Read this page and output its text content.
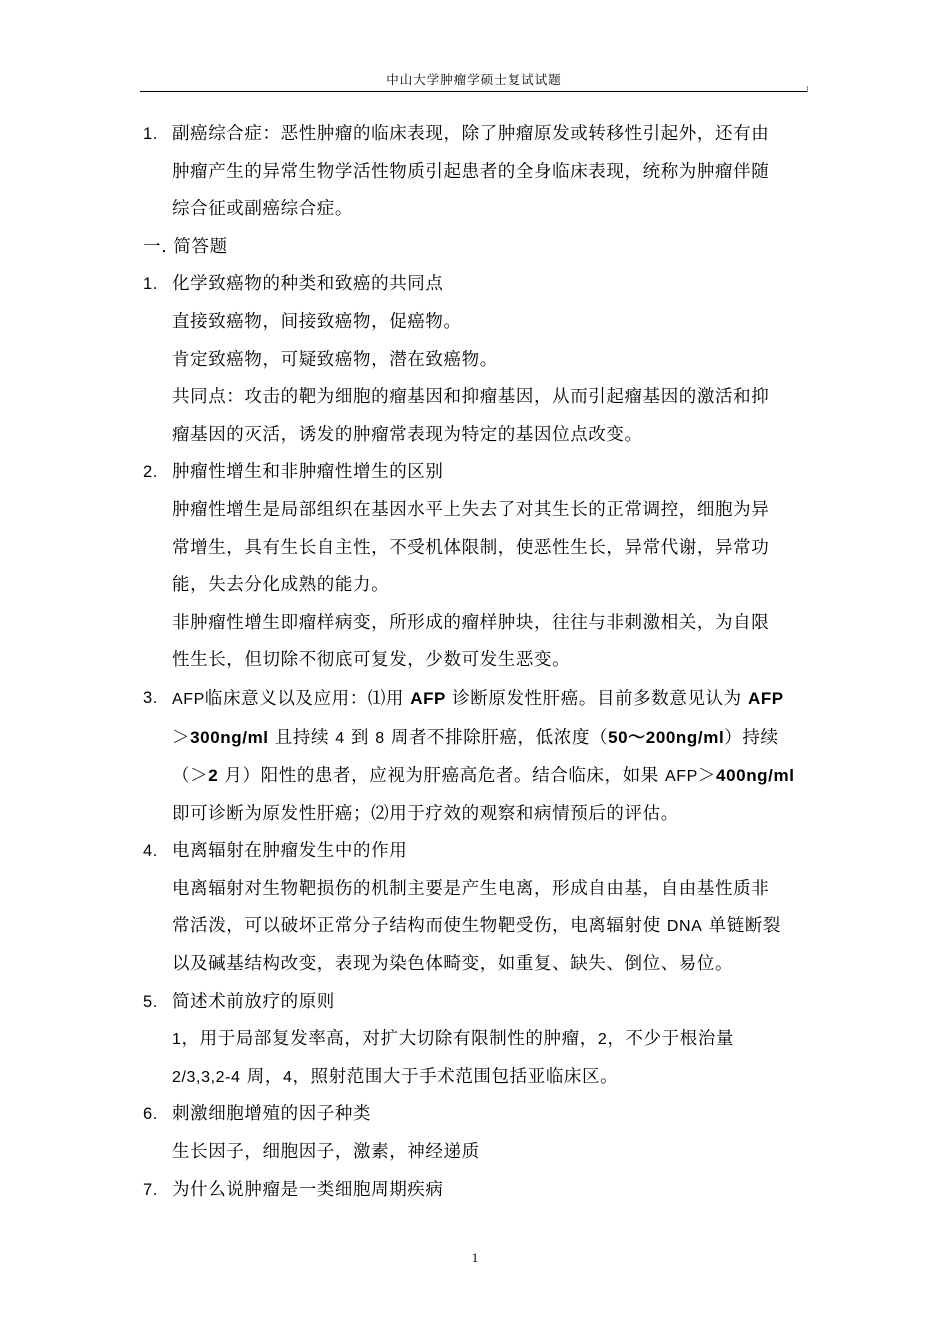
中山大学肿瘤学硕士复试试题
1. 副癌综合症：恶性肿瘤的临床表现，除了肿瘤原发或转移性引起外，还有由
肿瘤产生的异常生物学活性物质引起患者的全身临床表现，统称为肿瘤伴随
综合征或副癌综合症。
一. 简答题
1. 化学致癌物的种类和致癌的共同点
直接致癌物，间接致癌物，促癌物。
肯定致癌物，可疑致癌物，潜在致癌物。
共同点：攻击的靶为细胞的瘤基因和抑瘤基因，从而引起瘤基因的激活和抑
瘤基因的灭活，诱发的肿瘤常表现为特定的基因位点改变。
2. 肿瘤性增生和非肿瘤性增生的区别
肿瘤性增生是局部组织在基因水平上失去了对其生长的正常调控，细胞为异
常增生，具有生长自主性，不受机体限制，使恶性生长，异常代谢，异常功
能，失去分化成熟的能力。
非肿瘤性增生即瘤样病变，所形成的瘤样肿块，往往与非刺激相关，为自限
性生长，但切除不彻底可复发，少数可发生恶变。
3. AFP临床意义以及应用：⑴用 AFP 诊断原发性肝癌。目前多数意见认为 AFP
＞300ng/ml 且持续 4 到 8 周者不排除肝癌，低浓度（50～200ng/ml）持续
（＞2 月）阳性的患者，应视为肝癌高危者。结合临床，如果 AFP＞400ng/ml
即可诊断为原发性肝癌；⑵用于疗效的观察和病情预后的评估。
4. 电离辐射在肿瘤发生中的作用
电离辐射对生物靶损伤的机制主要是产生电离，形成自由基，自由基性质非
常活泼，可以破坏正常分子结构而使生物靶受伤，电离辐射使 DNA 单链断裂
以及碱基结构改变，表现为染色体畸变，如重复、缺失、倒位、易位。
5. 简述术前放疗的原则
1，用于局部复发率高，对扩大切除有限制性的肿瘤，2，不少于根治量
2/3,3,2-4 周，4，照射范围大于手术范围包括亚临床区。
6. 刺激细胞增殖的因子种类
生长因子，细胞因子，激素，神经递质
7. 为什么说肿瘤是一类细胞周期疾病
1
